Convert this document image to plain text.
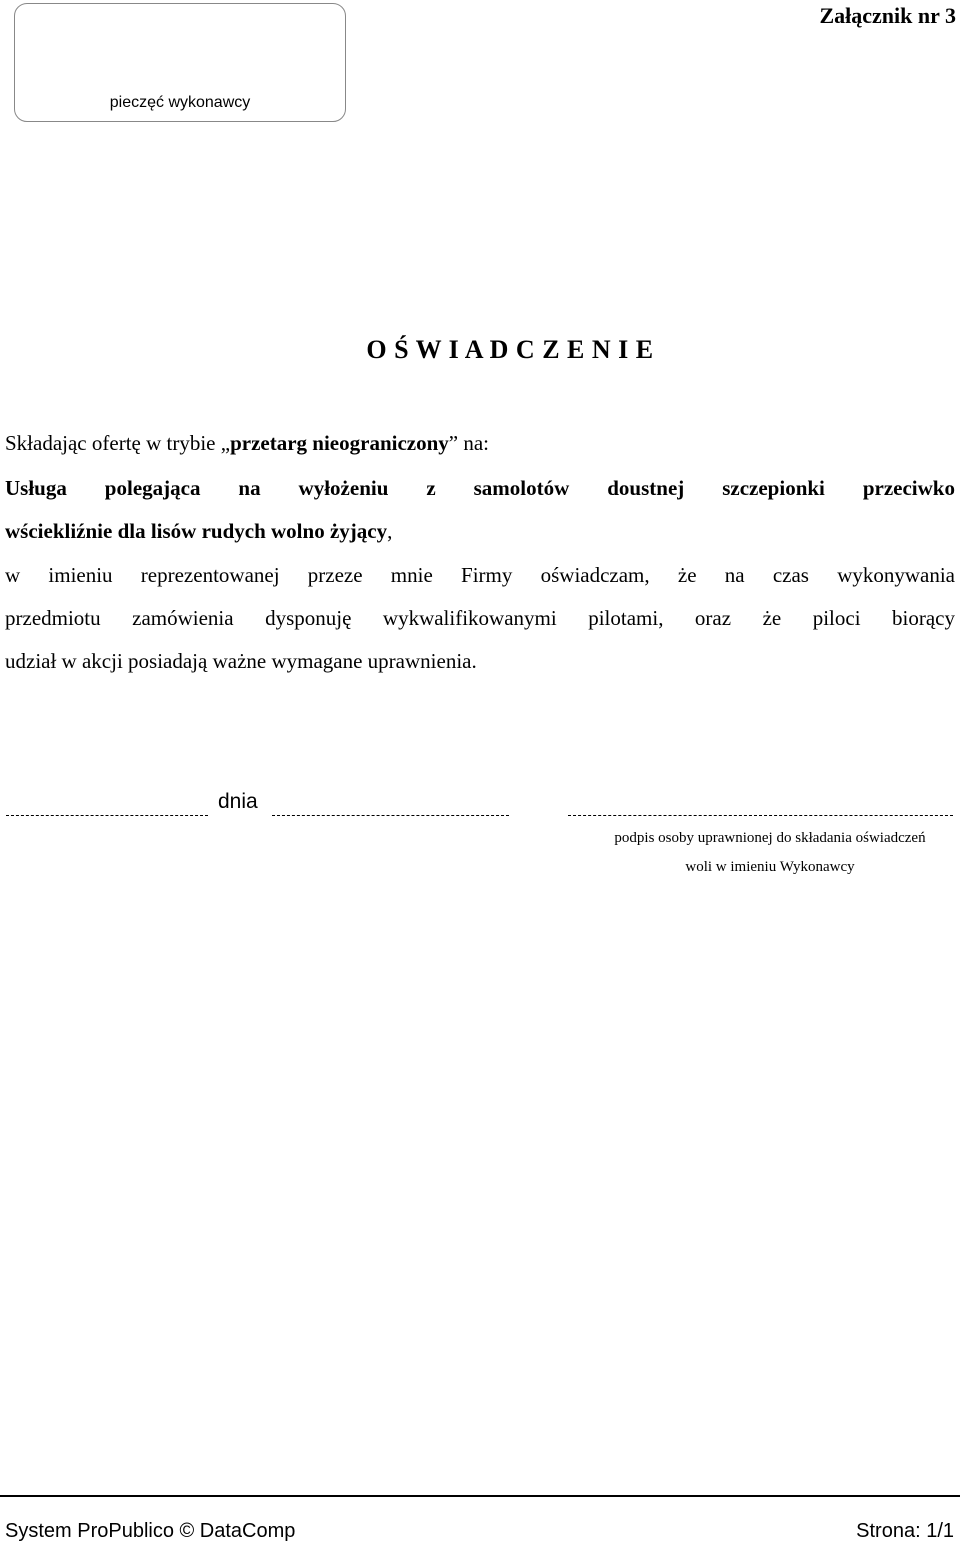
pieczęć wykonawcy
Załącznik nr 3
O Ś W I A D C Z E N I E
Składając ofertę w trybie „przetarg nieograniczony” na:
Usługa polegająca na wyłożeniu z samolotów doustnej szczepionki przeciwko
wściekliźnie dla lisów rudych wolno żyjący,
w imieniu reprezentowanej przeze mnie Firmy oświadczam, że na czas wykonywania
przedmiotu zamówienia dysponuję wykwalifikowanymi pilotami, oraz że piloci biorący
udział w akcji posiadają ważne wymagane uprawnienia.
dnia
podpis osoby uprawnionej do składania oświadczeń
woli w imieniu Wykonawcy
System ProPublico © DataComp	Strona: 1/1
